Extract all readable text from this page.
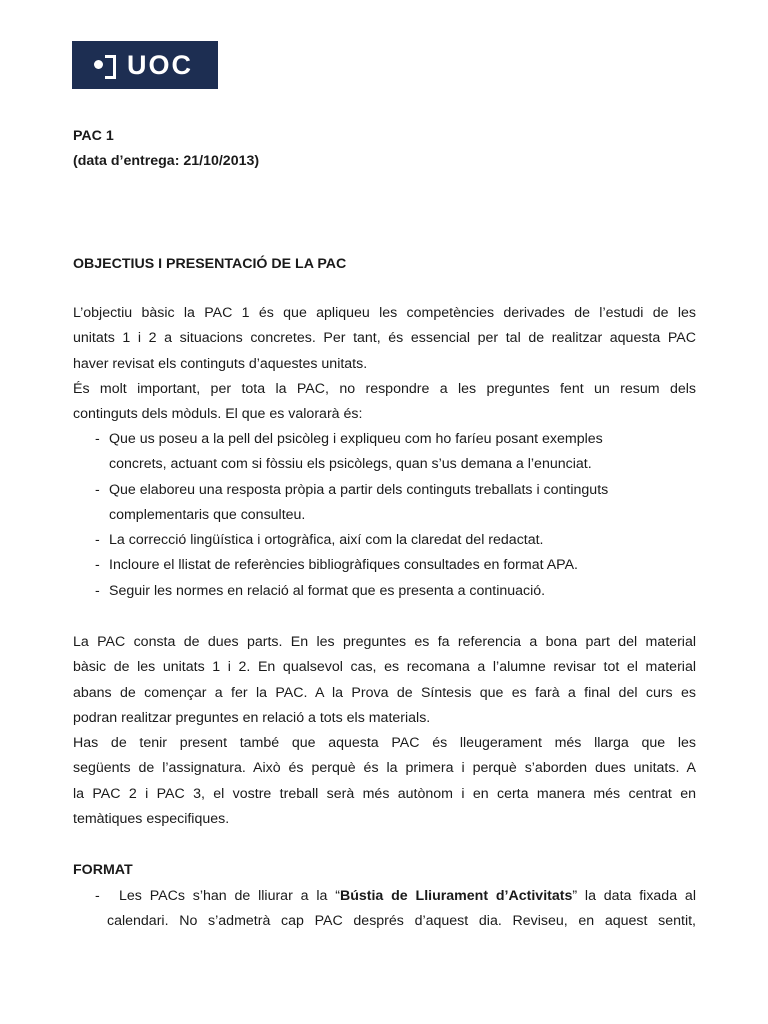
UOC
PAC 1
(data d’entrega: 21/10/2013)
OBJECTIUS I PRESENTACIÓ DE LA PAC
L’objectiu bàsic la PAC 1 és que apliqueu les competències derivades de l’estudi de les
unitats 1 i 2 a situacions concretes. Per tant, és essencial per tal de realitzar aquesta PAC
haver revisat els continguts d’aquestes unitats.
És molt important, per tota la PAC, no respondre a les preguntes fent un resum dels
continguts dels mòduls. El que es valorarà és:
- Que us poseu a la pell del psicòleg i expliqueu com ho faríeu posant exemples
concrets, actuant com si fòssiu els psicòlegs, quan s’us demana a l’enunciat.
- Que elaboreu una resposta pròpia a partir dels continguts treballats i continguts
complementaris que consulteu.
- La correcció lingüística i ortogràfica, així com la claredat del redactat.
- Incloure el llistat de referències bibliogràfiques consultades en format APA.
- Seguir les normes en relació al format que es presenta a continuació.
La PAC consta de dues parts. En les preguntes es fa referencia a bona part del material
bàsic de les unitats 1 i 2. En qualsevol cas, es recomana a l’alumne revisar tot el material
abans de començar a fer la PAC. A la Prova de Síntesis que es farà a final del curs es
podran realitzar preguntes en relació a tots els materials.
Has de tenir present també que aquesta PAC és lleugerament més llarga que les
següents de l’assignatura. Això és perquè és la primera i perquè s’aborden dues unitats. A
la PAC 2 i PAC 3, el vostre treball serà més autònom i en certa manera més centrat en
temàtiques especifiques.
FORMAT
- Les PACs s’han de lliurar a la “Bústia de Lliurament d’Activitats” la data fixada al
calendari. No s’admetrà cap PAC després d’aquest dia. Reviseu, en aquest sentit,
